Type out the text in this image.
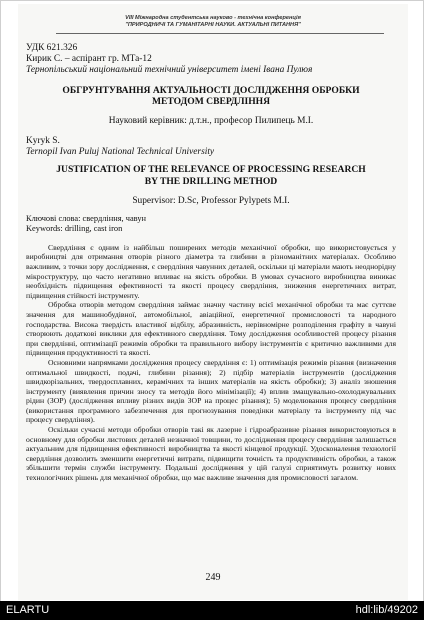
VIII Міжнародна студентська науково - технічна конференція
"ПРИРОДНИЧІ ТА ГУМАНІТАРНІ НАУКИ. АКТУАЛЬНІ ПИТАННЯ"

УДК 621.326

Кирик С. – аспірант гр. МТа-12

Тернопільський національний технічний університет імені Івана Пулюя

ОБГРУНТУВАННЯ АКТУАЛЬНОСТІ ДОСЛІДЖЕННЯ ОБРОБКИ

МЕТОДОМ СВЕРДЛІННЯ

Науковий керівник: д.т.н., професор Пилипець М.І.

Kyryk S.

Ternopil Ivan Puluj National Technical University

JUSTIFICATION OF THE RELEVANCE OF PROCESSING RESEARCH

BY THE DRILLING METHOD

Supervisor: D.Sc, Professor Pylypets M.I.

Ключові слова: свердління, чавун

Keywords: drilling, cast iron

Свердління є одним із найбільш поширених методів механічної обробки, що використовується у виробництві для отримання отворів різного діаметра та глибини в різноманітних матеріалах. Особливо важливим, з точки зору дослідження, є свердління чавунних деталей, оскільки ці матеріали мають неоднорідну мікроструктуру, що часто негативно впливає на якість обробки. В умовах сучасного виробництва виникає необхідність підвищення ефективності та якості процесу свердління, зниження енергетичних витрат, підвищення стійкості інструменту.

Обробка отворів методом свердління займає значну частину всієї механічної обробки та має суттєве значення для машинобудівної, автомобільної, авіаційної, енергетичної промисловості та народного господарства. Висока твердість властивої відбілу, абразивність, нерівномірне розподілення графіту в чавуні створюють додаткові виклики для ефективного свердління. Тому дослідження особливостей процесу різання при свердлінні, оптимізації режимів обробки та правильного вибору інструментів є критично важливими для підвищення продуктивності та якості.

Основними напрямками дослідження процесу свердління є: 1) оптимізація режимів різання (визначення оптимальної швидкості, подачі, глибини різання); 2) підбір матеріалів інструментів (дослідження швидкорізальних, твердосплавних, керамічних та інших матеріалів на якість обробки); 3) аналіз зношення інструменту (виявлення причин зносу та методів його мінімізації); 4) вплив змащувально-охолоджувальних рідин (ЗОР) (дослідження впливу різних видів ЗОР на процес різання); 5) моделювання процесу свердління (використання програмного забезпечення для прогнозування поведінки матеріалу та інструменту під час процесу свердління).

Оскільки сучасні методи обробки отворів такі як лазерне і гідроабразивне різання використовуються в основному для обробки листових деталей незначної товщини, то дослідження процесу свердління залишається актуальним для підвищення ефективності виробництва та якості кінцевої продукції. Удосконалення технології свердління дозволить зменшити енергетичні витрати, підвищити точність та продуктивність обробки, а також збільшити термін служби інструменту. Подальші дослідження у цій галузі сприятимуть розвитку нових технологічних рішень для механічної обробки, що має важливе значення для промисловості загалом.

249
ELARTU	hdl:lib/49202
